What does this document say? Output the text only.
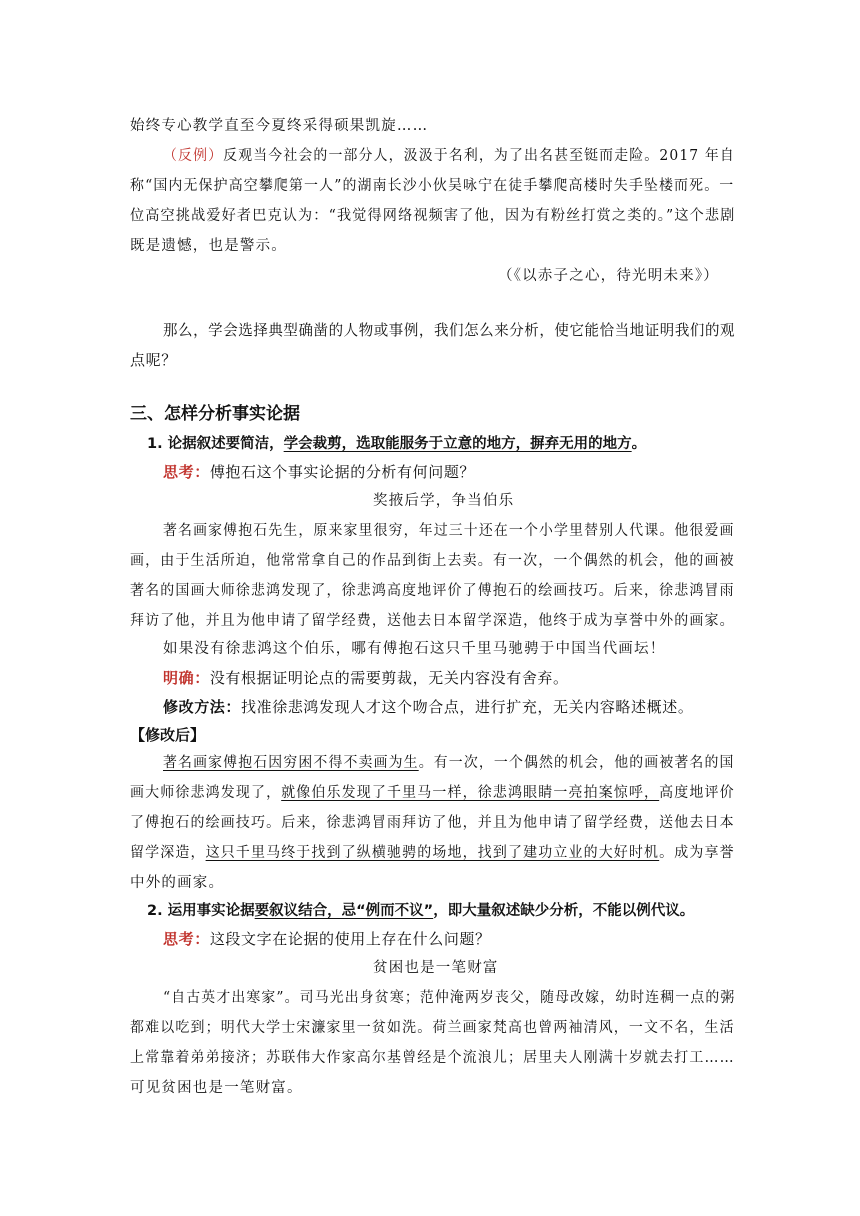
始终专心教学直至今夏终采得硕果凯旋……
（反例）反观当今社会的一部分人，汲汲于名利，为了出名甚至铤而走险。2017 年自
称“国内无保护高空攀爬第一人”的湖南长沙小伙吴咏宁在徒手攀爬高楼时失手坠楼而死。一
位高空挑战爱好者巴克认为：“我觉得网络视频害了他，因为有粉丝打赏之类的。”这个悲剧
既是遗憾，也是警示。
（《以赤子之心，待光明未来》）
那么，学会选择典型确凿的人物或事例，我们怎么来分析，使它能恰当地证明我们的观
点呢？
三、怎样分析事实论据
1. 论据叙述要简洁，学会裁剪，选取能服务于立意的地方，摒弃无用的地方。
思考：傅抱石这个事实论据的分析有何问题？
奖掖后学，争当伯乐
著名画家傅抱石先生，原来家里很穷，年过三十还在一个小学里替别人代课。他很爱画
画，由于生活所迫，他常常拿自己的作品到街上去卖。有一次，一个偶然的机会，他的画被
著名的国画大师徐悲鸿发现了，徐悲鸿高度地评价了傅抱石的绘画技巧。后来，徐悲鸿冒雨
拜访了他，并且为他申请了留学经费，送他去日本留学深造，他终于成为享誉中外的画家。
如果没有徐悲鸿这个伯乐，哪有傅抱石这只千里马驰骋于中国当代画坛！
明确：没有根据证明论点的需要剪裁，无关内容没有舍弃。
修改方法：找准徐悲鸿发现人才这个吻合点，进行扩充，无关内容略述概述。
【修改后】
著名画家傅抱石因穷困不得不卖画为生。有一次，一个偶然的机会，他的画被著名的国
画大师徐悲鸿发现了，就像伯乐发现了千里马一样，徐悲鸿眼睛一亮拍案惊呼，高度地评价
了傅抱石的绘画技巧。后来，徐悲鸿冒雨拜访了他，并且为他申请了留学经费，送他去日本
留学深造，这只千里马终于找到了纵横驰骋的场地，找到了建功立业的大好时机。成为享誉
中外的画家。
2. 运用事实论据要叙议结合，忌“例而不议”，即大量叙述缺少分析，不能以例代议。
思考：这段文字在论据的使用上存在什么问题？
贫困也是一笔财富
“自古英才出寒家”。司马光出身贫寒；范仲淹两岁丧父，随母改嫁，幼时连稠一点的粥
都难以吃到；明代大学士宋濂家里一贫如洗。荷兰画家梵高也曾两袖清风，一文不名，生活
上常靠着弟弟接济；苏联伟大作家高尔基曾经是个流浪儿；居里夫人刚满十岁就去打工……
可见贫困也是一笔财富。
